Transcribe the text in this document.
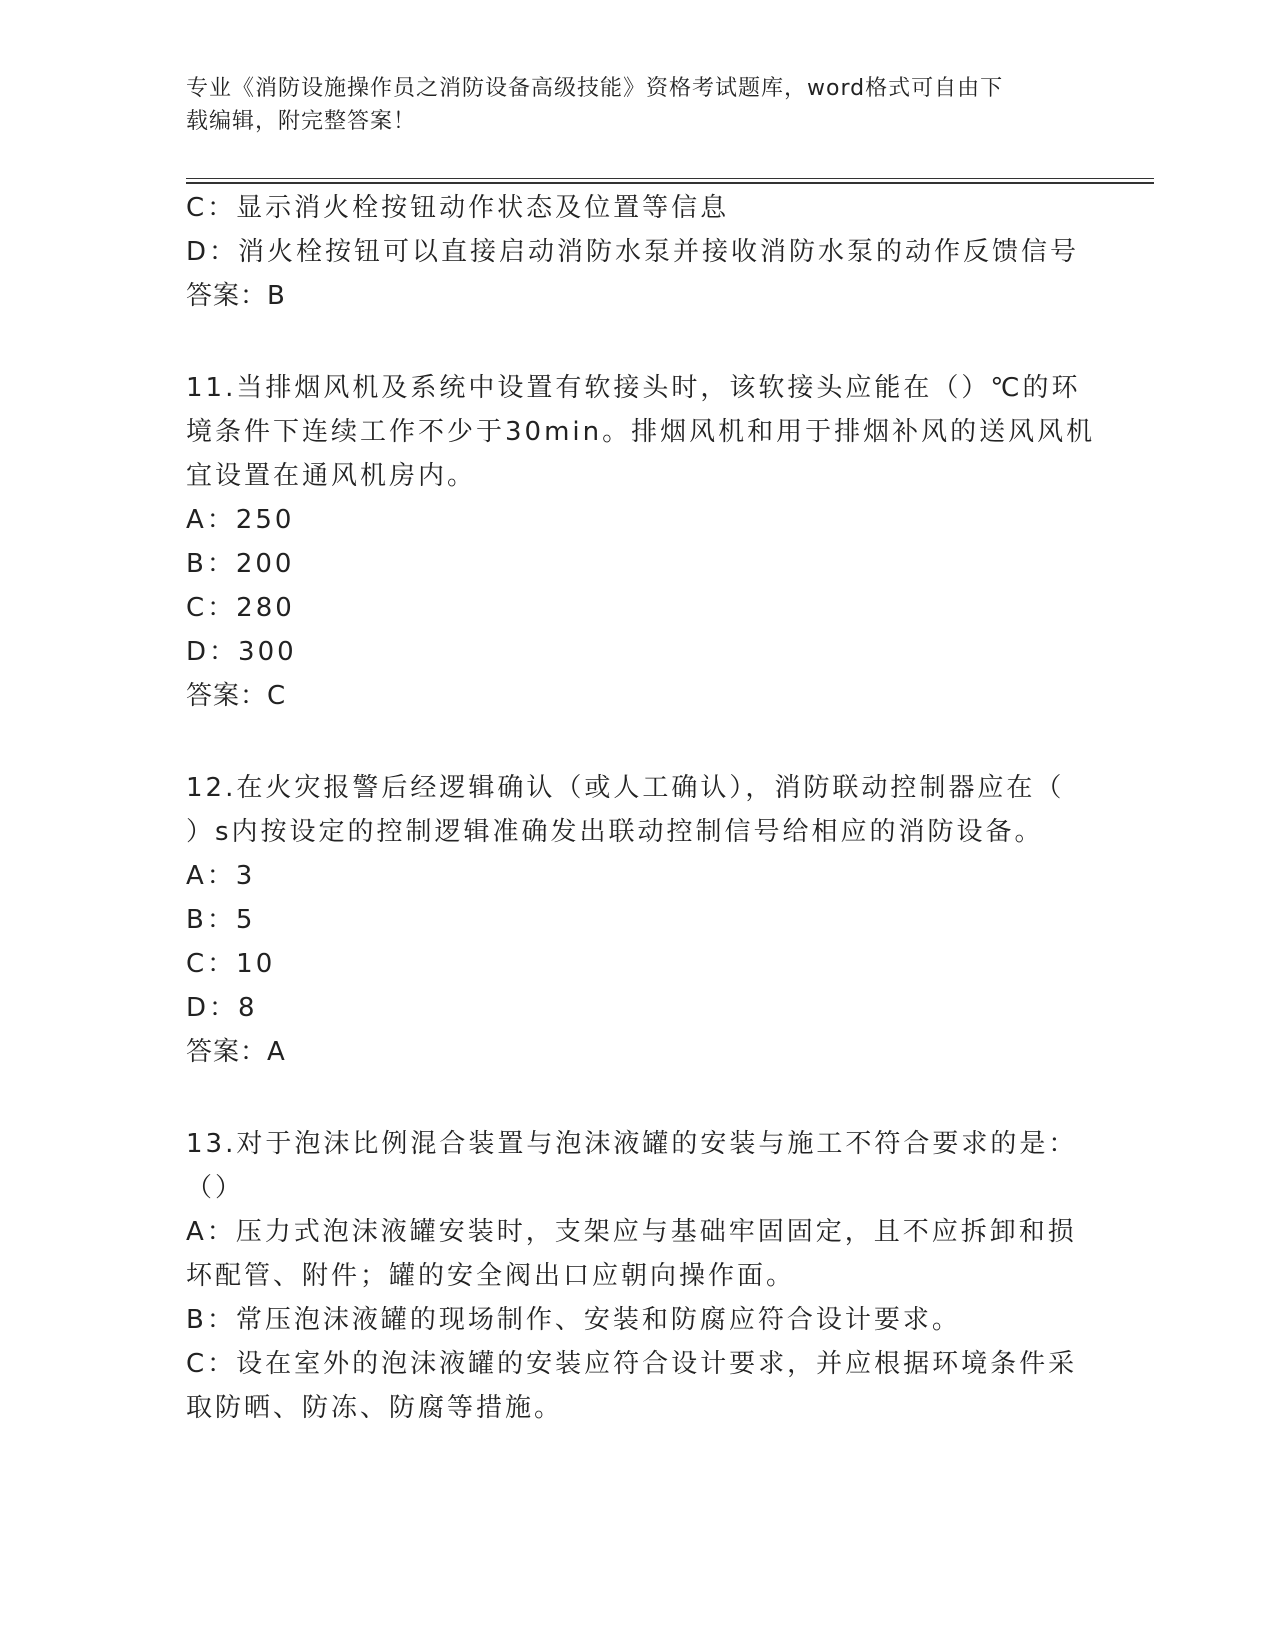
专业《消防设施操作员之消防设备高级技能》资格考试题库，word格式可自由下
载编辑，附完整答案！
C：显示消火栓按钮动作状态及位置等信息
D：消火栓按钮可以直接启动消防水泵并接收消防水泵的动作反馈信号
答案：B
11.当排烟风机及系统中设置有软接头时，该软接头应能在（）℃的环
境条件下连续工作不少于30min。排烟风机和用于排烟补风的送风风机
宜设置在通风机房内。
A：250
B：200
C：280
D：300
答案：C
12.在火灾报警后经逻辑确认（或人工确认），消防联动控制器应在（
）s内按设定的控制逻辑准确发出联动控制信号给相应的消防设备。
A：3
B：5
C：10
D：8
答案：A
13.对于泡沫比例混合装置与泡沫液罐的安装与施工不符合要求的是：
（）
A：压力式泡沫液罐安装时，支架应与基础牢固固定，且不应拆卸和损
坏配管、附件；罐的安全阀出口应朝向操作面。
B：常压泡沫液罐的现场制作、安装和防腐应符合设计要求。
C：设在室外的泡沫液罐的安装应符合设计要求，并应根据环境条件采
取防晒、防冻、防腐等措施。
